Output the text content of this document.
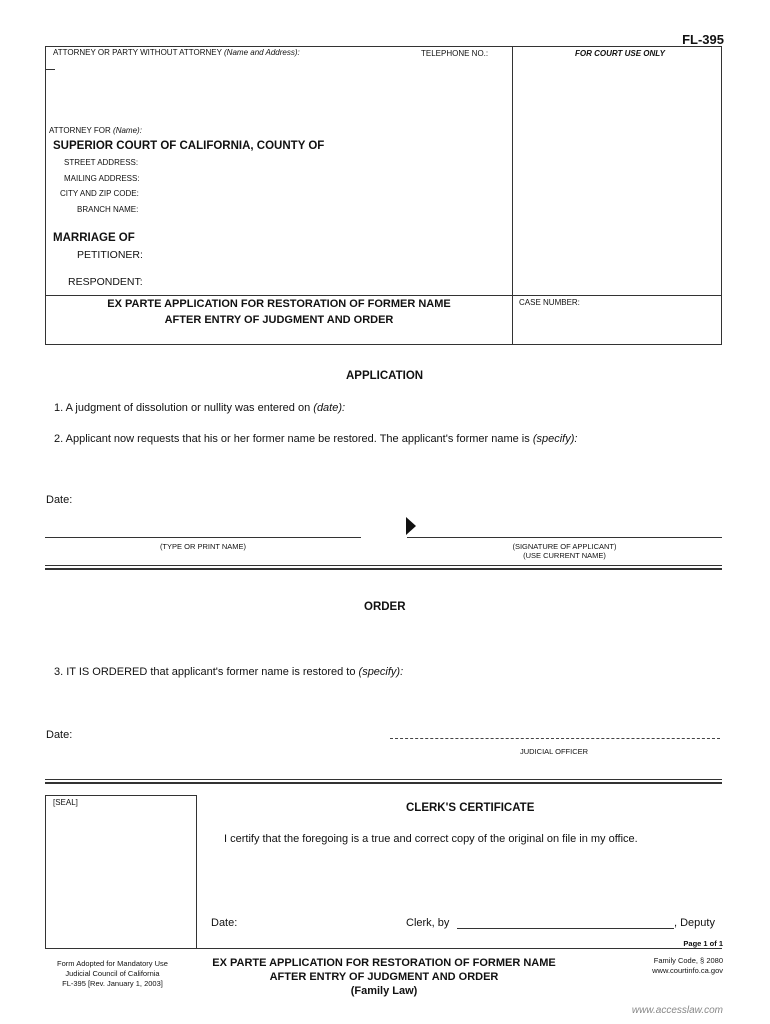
FL-395
ATTORNEY OR PARTY WITHOUT ATTORNEY (Name and Address):	TELEPHONE NO.:	FOR COURT USE ONLY
ATTORNEY FOR (Name):
SUPERIOR COURT OF CALIFORNIA, COUNTY OF
STREET ADDRESS:
MAILING ADDRESS:
CITY AND ZIP CODE:
BRANCH NAME:
MARRIAGE OF
PETITIONER:
RESPONDENT:
EX PARTE APPLICATION FOR RESTORATION OF FORMER NAME
AFTER ENTRY OF JUDGMENT AND ORDER
CASE NUMBER:
APPLICATION
1. A judgment of dissolution or nullity was entered on (date):
2. Applicant now requests that his or her former name be restored. The applicant's former name is (specify):
Date:
(TYPE OR PRINT NAME)	(SIGNATURE OF APPLICANT)
(USE CURRENT NAME)
ORDER
3. IT IS ORDERED that applicant's former name is restored to (specify):
Date:
JUDICIAL OFFICER
[SEAL]	CLERK'S CERTIFICATE
I certify that the foregoing is a true and correct copy of the original on file in my office.
Date:	Clerk, by	, Deputy
Page 1 of 1
Form Adopted for Mandatory Use
Judicial Council of California
FL-395 [Rev. January 1, 2003]
EX PARTE APPLICATION FOR RESTORATION OF FORMER NAME
AFTER ENTRY OF JUDGMENT AND ORDER
(Family Law)
Family Code, § 2080
www.courtinfo.ca.gov
www.accesslaw.com
